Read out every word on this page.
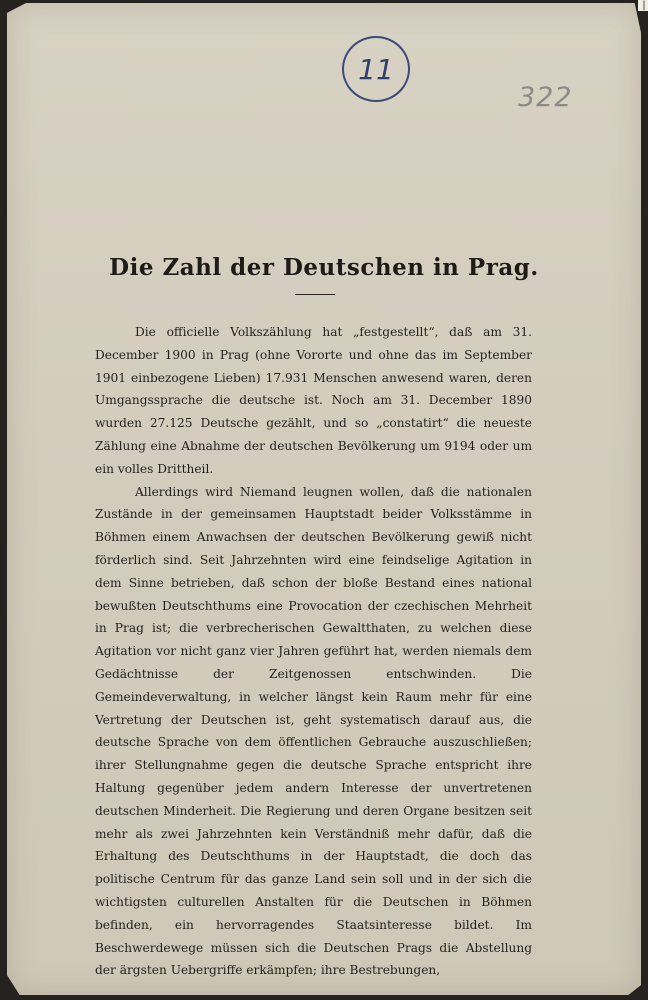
|
11
322
Die Zahl der Deutschen in Prag.

Die officielle Volkszählung hat „festgestellt“, daß am 31. December 1900 in Prag (ohne Vororte und ohne das im September 1901 einbezogene Lieben) 17.931 Menschen anwesend waren, deren Umgangssprache die deutsche ist. Noch am 31. December 1890 wurden 27.125 Deutsche gezählt, und so „constatirt“ die neueste Zählung eine Abnahme der deutschen Bevölkerung um 9194 oder um ein volles Drittheil.

Allerdings wird Niemand leugnen wollen, daß die nationalen Zustände in der gemeinsamen Hauptstadt beider Volksstämme in Böhmen einem Anwachsen der deutschen Bevölkerung gewiß nicht förderlich sind. Seit Jahrzehnten wird eine feindselige Agitation in dem Sinne betrieben, daß schon der bloße Bestand eines national bewußten Deutschthums eine Provocation der czechischen Mehrheit in Prag ist; die verbrecherischen Gewaltthaten, zu welchen diese Agitation vor nicht ganz vier Jahren geführt hat, werden niemals dem Gedächtnisse der Zeitgenossen entschwinden. Die Gemeindeverwaltung, in welcher längst kein Raum mehr für eine Vertretung der Deutschen ist, geht systematisch darauf aus, die deutsche Sprache von dem öffentlichen Gebrauche auszuschließen; ihrer Stellungnahme gegen die deutsche Sprache entspricht ihre Haltung gegenüber jedem andern Interesse der unvertretenen deutschen Minderheit. Die Regierung und deren Organe besitzen seit mehr als zwei Jahrzehnten kein Verständniß mehr dafür, daß die Erhaltung des Deutschthums in der Hauptstadt, die doch das politische Centrum für das ganze Land sein soll und in der sich die wichtigsten culturellen Anstalten für die Deutschen in Böhmen befinden, ein hervorragendes Staatsinteresse bildet. Im Beschwerdewege müssen sich die Deutschen Prags die Abstellung der ärgsten Uebergriffe erkämpfen; ihre Bestrebungen,
